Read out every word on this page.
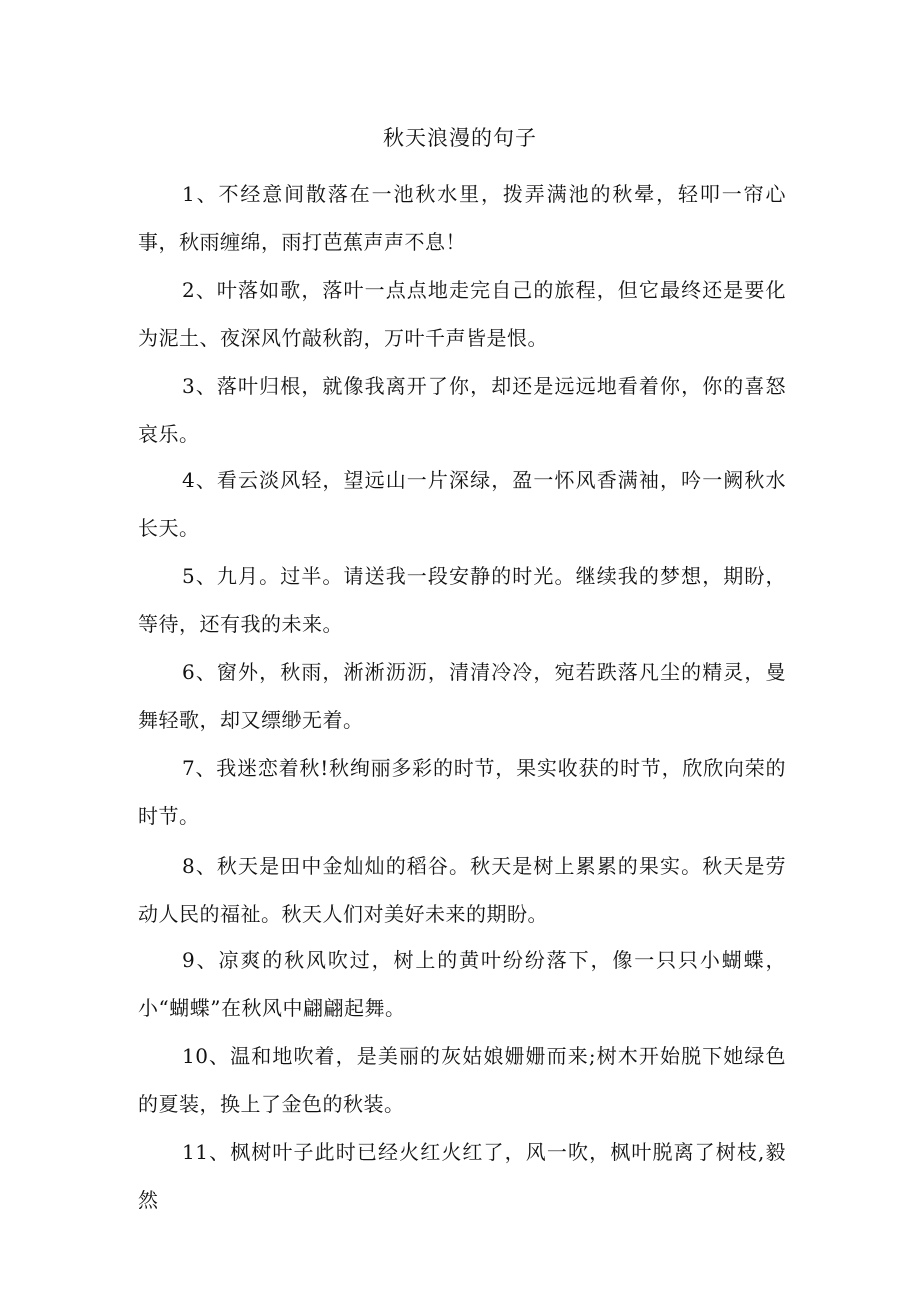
秋天浪漫的句子

1、不经意间散落在一池秋水里，拨弄满池的秋晕，轻叩一帘心事，秋雨缠绵，雨打芭蕉声声不息！

2、叶落如歌，落叶一点点地走完自己的旅程，但它最终还是要化为泥土、夜深风竹敲秋韵，万叶千声皆是恨。

3、落叶归根，就像我离开了你，却还是远远地看着你，你的喜怒哀乐。

4、看云淡风轻，望远山一片深绿，盈一怀风香满袖，吟一阙秋水长天。

5、九月。过半。请送我一段安静的时光。继续我的梦想，期盼，等待，还有我的未来。

6、窗外，秋雨，淅淅沥沥，清清冷冷，宛若跌落凡尘的精灵，曼舞轻歌，却又缥缈无着。

7、我迷恋着秋!秋绚丽多彩的时节，果实收获的时节，欣欣向荣的时节。

8、秋天是田中金灿灿的稻谷。秋天是树上累累的果实。秋天是劳动人民的福祉。秋天人们对美好未来的期盼。

9、凉爽的秋风吹过，树上的黄叶纷纷落下，像一只只小蝴蝶，小“蝴蝶”在秋风中翩翩起舞。

10、温和地吹着，是美丽的灰姑娘姗姗而来;树木开始脱下她绿色的夏装，换上了金色的秋装。

11、枫树叶子此时已经火红火红了，风一吹，枫叶脱离了树枝,毅然
